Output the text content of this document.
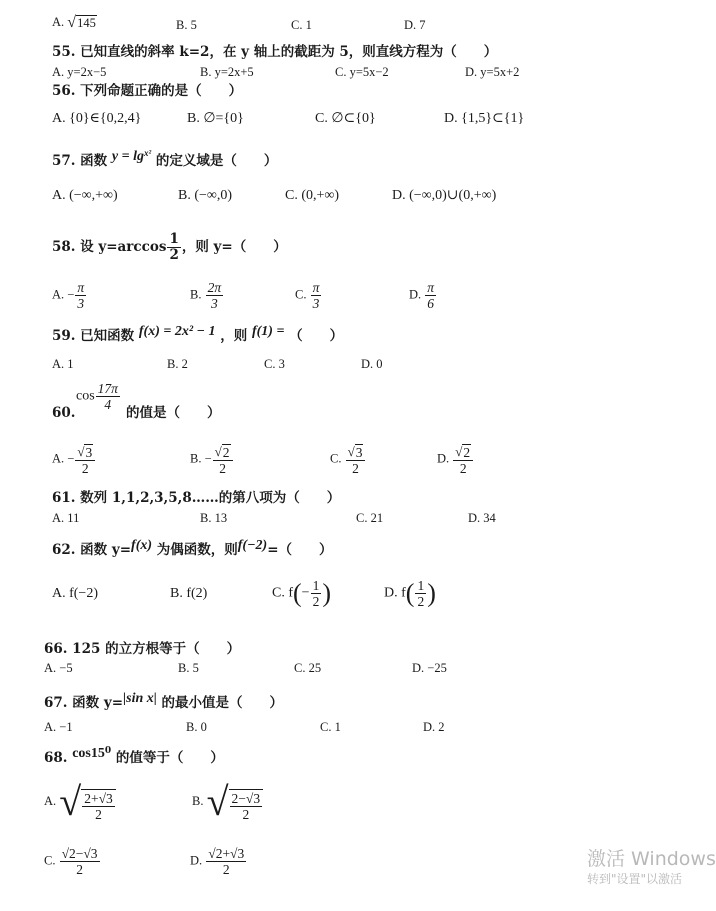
A. √ 145	B. 5	C. 1	D. 7
55. 已知直线的斜率 k=2，在 y 轴上的截距为 5，则直线方程为（　　）
A. y=2x−5	B. y=2x+5	C. y=5x−2	D. y=5x+2
56. 下列命题正确的是（　　）
A. {0}∈{0,2,4}	B. ∅={0}	C. ∅⊂{0}	D. {1,5}⊂{1}
57. 函数 $y = \lg^{x^2}$ 的定义域是（　　）
A. (−∞,+∞)	B. (−∞,0)	C. (0,+∞)	D. (−∞,0)∪(0,+∞)
58. 设 $y=\arccos \frac{1}{2}$ ，则 y=（　　）
A. − $\frac{\pi}{3}$	B. $\frac{2\pi}{3}$	C. $\frac{\pi}{3}$	D. $\frac{\pi}{6}$
59. 已知函数 f(x) = 2x² − 1 ，则 f(1) = （　　）
A. 1	B. 2	C. 3	D. 0
$\cos \frac{17\pi}{4}$
60.	的值是（　　）
A. − $\frac{√ 3}{2}$	B. − $\frac{√ 2}{2}$	C. $\frac{√ 3}{2}$	D. $\frac{√ 2}{2}$
61. 数列 1,1,2,3,5,8……的第八项为（　　）
A. 11	B. 13	C. 21	D. 34
62. 函数 y=f(x) 为偶函数，则f(−2)=（　　）
A. f(−2)	B. f(2)	C. $f(- \frac{1}{2}$ )	D. $f( \frac{1}{2}$ )
66. 125 的立方根等于（　　）
A. −5	B. 5	C. 25	D. −25
67. 函数 y=|sin x| 的最小值是（　　）
A. −1	B. 0	C. 1	D. 2
68. $\cos 15^0$ 的值等于（　　）
A. √ $\frac{2+√3}{2}$	B. √ $\frac{2-√3}{2}$
C. $\frac{√2-√3}{2}$	D. $\frac{√2+√3}{2}$	激活 Windows
转到"设置"以激活
